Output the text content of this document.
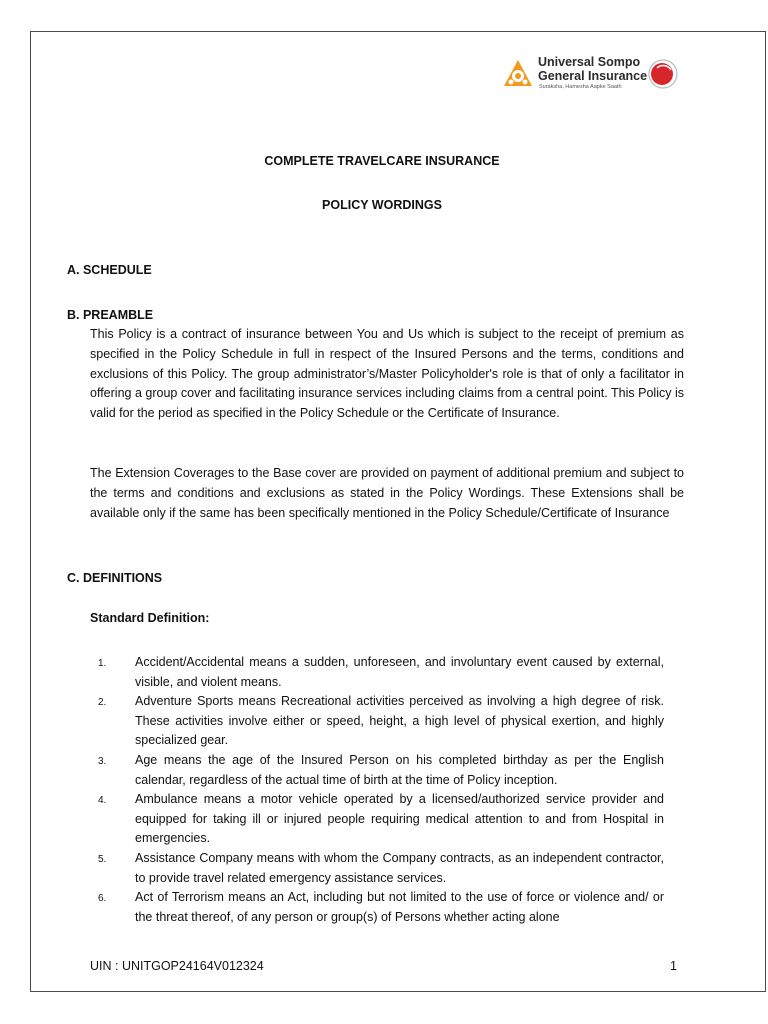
Universal Sompo
General Insurance
Suraksha, Hamesha Aapke Saath
COMPLETE TRAVELCARE INSURANCE
POLICY WORDINGS
A. SCHEDULE
B. PREAMBLE
This Policy is a contract of insurance between You and Us which is subject to the receipt of premium as specified in the Policy Schedule in full in respect of the Insured Persons and the terms, conditions and exclusions of this Policy. The group administrator’s/Master Policyholder's role is that of only a facilitator in offering a group cover and facilitating insurance services including claims from a central point. This Policy is valid for the period as specified in the Policy Schedule or the Certificate of Insurance.
The Extension Coverages to the Base cover are provided on payment of additional premium and subject to the terms and conditions and exclusions as stated in the Policy Wordings. These Extensions shall be available only if the same has been specifically mentioned in the Policy Schedule/Certificate of Insurance
C. DEFINITIONS
Standard Definition:
1. Accident/Accidental means a sudden, unforeseen, and involuntary event caused by external, visible, and violent means.
2. Adventure Sports means Recreational activities perceived as involving a high degree of risk. These activities involve either or speed, height, a high level of physical exertion, and highly specialized gear.
3. Age means the age of the Insured Person on his completed birthday as per the English calendar, regardless of the actual time of birth at the time of Policy inception.
4. Ambulance means a motor vehicle operated by a licensed/authorized service provider and equipped for taking ill or injured people requiring medical attention to and from Hospital in emergencies.
5. Assistance Company means with whom the Company contracts, as an independent contractor, to provide travel related emergency assistance services.
6. Act of Terrorism means an Act, including but not limited to the use of force or violence and/ or the threat thereof, of any person or group(s) of Persons whether acting alone
UIN : UNITGOP24164V012324	1
